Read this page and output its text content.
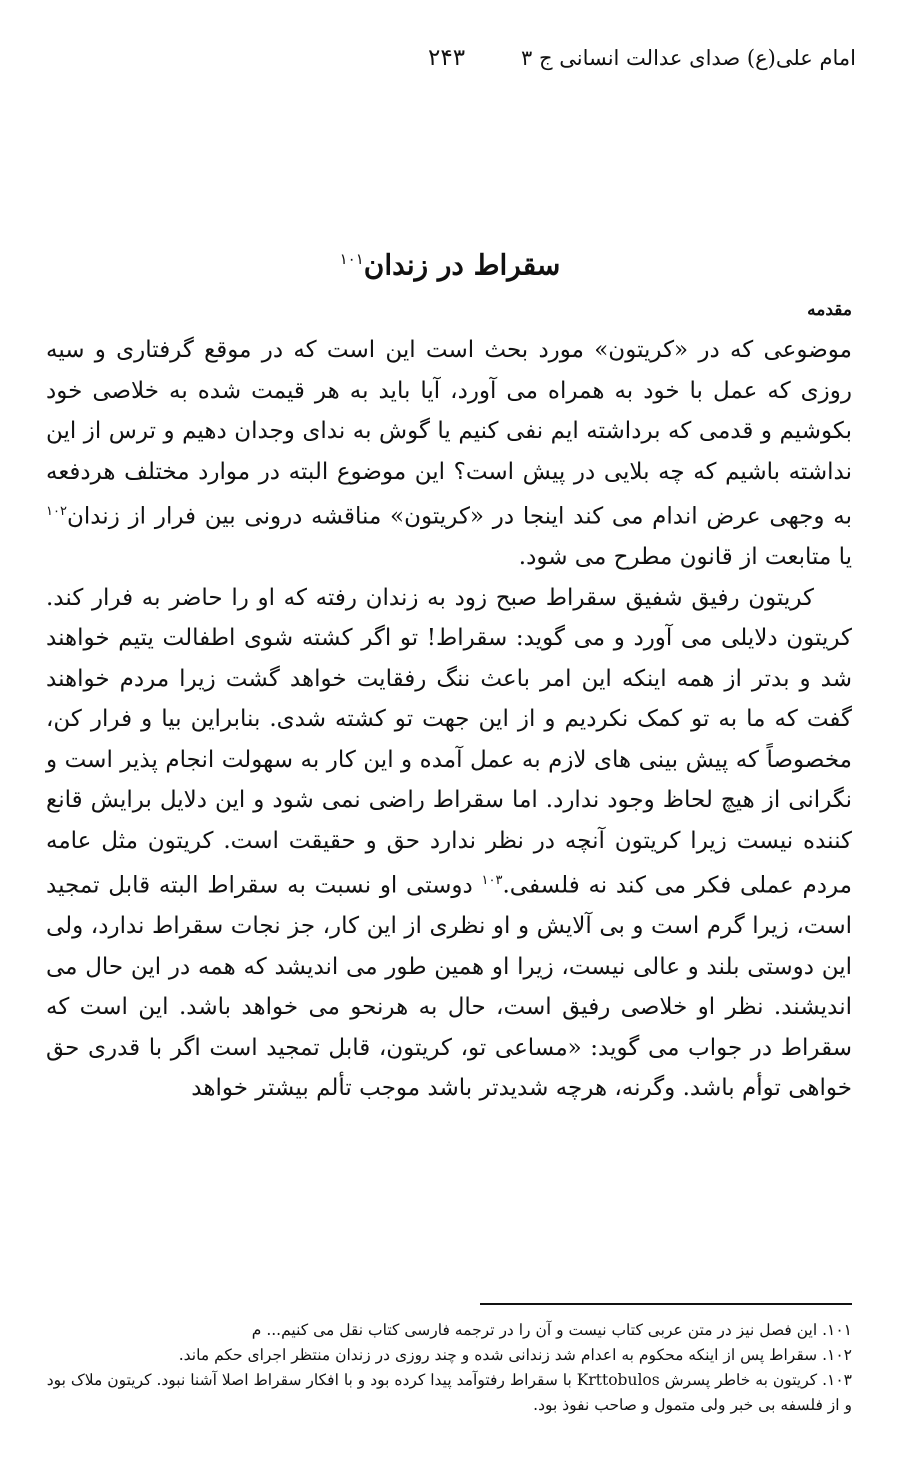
امام علی(ع) صدای عدالت انسانی ج ۳
۲۴۳
سقراط در زندان$^{۱۰۱}$
مقدمه

موضوعی که در «کریتون» مورد بحث است این است که در موقع گرفتاری و سیه روزی که عمل با خود به همراه می آورد، آیا باید به هر قیمت شده به خلاصی خود بکوشیم و قدمی که برداشته ایم نفی کنیم یا گوش به ندای وجدان دهیم و ترس از این نداشته باشیم که چه بلایی در پیش است؟ این موضوع البته در موارد مختلف هردفعه به وجهی عرض اندام می کند اینجا در «کریتون» مناقشه درونی بین فرار از زندان$^{۱۰۲}$ یا متابعت از قانون مطرح می شود.

کریتون رفیق شفیق سقراط صبح زود به زندان رفته که او را حاضر به فرار کند. کریتون دلایلی می آورد و می گوید: سقراط! تو اگر کشته شوی اطفالت یتیم خواهند شد و بدتر از همه اینکه این امر باعث ننگ رفقایت خواهد گشت زیرا مردم خواهند گفت که ما به تو کمک نکردیم و از این جهت تو کشته شدی. بنابراین بیا و فرار کن، مخصوصاً که پیش بینی های لازم به عمل آمده و این کار به سهولت انجام پذیر است و نگرانی از هیچ لحاظ وجود ندارد. اما سقراط راضی نمی شود و این دلایل برایش قانع کننده نیست زیرا کریتون آنچه در نظر ندارد حق و حقیقت است. کریتون مثل عامه مردم عملی فکر می کند نه فلسفی.$^{۱۰۳}$ دوستی او نسبت به سقراط البته قابل تمجید است، زیرا گرم است و بی آلایش و او نظری از این کار، جز نجات سقراط ندارد، ولی این دوستی بلند و عالی نیست، زیرا او همین طور می اندیشد که همه در این حال می اندیشند. نظر او خلاصی رفیق است، حال به هرنحو می خواهد باشد. این است که سقراط در جواب می گوید: «مساعی تو، کریتون، قابل تمجید است اگر با قدری حق خواهی توأم باشد. وگرنه، هرچه شدیدتر باشد موجب تألم بیشتر خواهد

۱۰۱. این فصل نیز در متن عربی کتاب نیست و آن را در ترجمه فارسی کتاب نقل می کنیم... م

۱۰۲. سقراط پس از اینکه محکوم به اعدام شد زندانی شده و چند روزی در زندان منتظر اجرای حکم ماند.

۱۰۳. کریتون به خاطر پسرش Krttobulos با سقراط رفتوآمد پیدا کرده بود و با افکار سقراط اصلا آشنا نبود. کریتون ملاک بود و از فلسفه بی خبر ولی متمول و صاحب نفوذ بود.
